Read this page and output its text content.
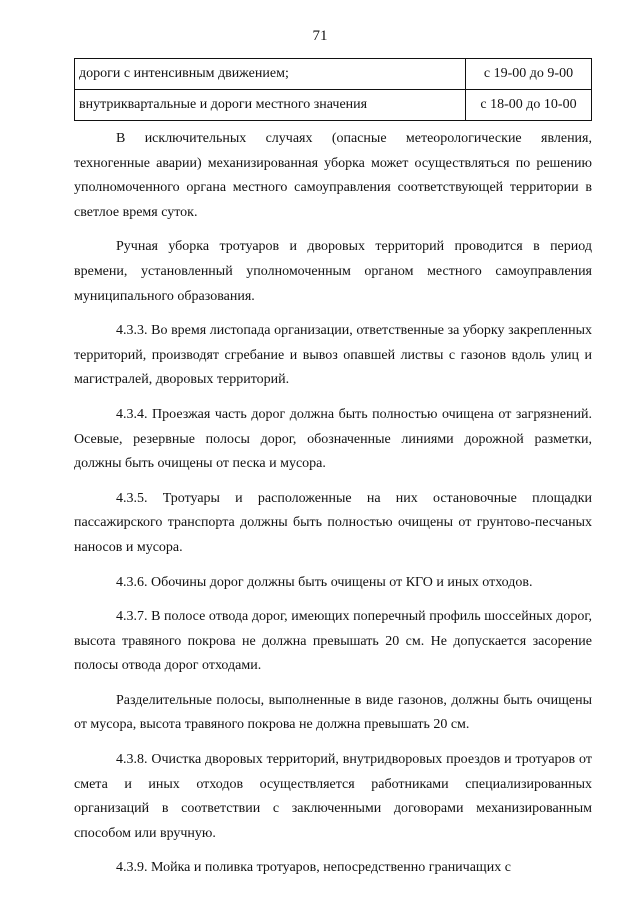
71
дороги с интенсивным движением;	с 19-00 до 9-00
внутриквартальные и дороги местного значения	с 18-00 до 10-00

В исключительных случаях (опасные метеорологические явления, техногенные аварии) механизированная уборка может осуществляться по решению уполномоченного органа местного самоуправления соответствующей территории в светлое время суток.

Ручная уборка тротуаров и дворовых территорий проводится в период времени, установленный уполномоченным органом местного самоуправления муниципального образования.

4.3.3. Во время листопада организации, ответственные за уборку закрепленных территорий, производят сгребание и вывоз опавшей листвы с газонов вдоль улиц и магистралей, дворовых территорий.

4.3.4. Проезжая часть дорог должна быть полностью очищена от загрязнений. Осевые, резервные полосы дорог, обозначенные линиями дорожной разметки, должны быть очищены от песка и мусора.

4.3.5. Тротуары и расположенные на них остановочные площадки пассажирского транспорта должны быть полностью очищены от грунтово-песчаных наносов и мусора.

4.3.6. Обочины дорог должны быть очищены от КГО и иных отходов.

4.3.7. В полосе отвода дорог, имеющих поперечный профиль шоссейных дорог, высота травяного покрова не должна превышать 20 см. Не допускается засорение полосы отвода дорог отходами.

Разделительные полосы, выполненные в виде газонов, должны быть очищены от мусора, высота травяного покрова не должна превышать 20 см.

4.3.8. Очистка дворовых территорий, внутридворовых проездов и тротуаров от смета и иных отходов осуществляется работниками специализированных организаций в соответствии с заключенными договорами механизированным способом или вручную.

4.3.9. Мойка и поливка тротуаров, непосредственно граничащих с
